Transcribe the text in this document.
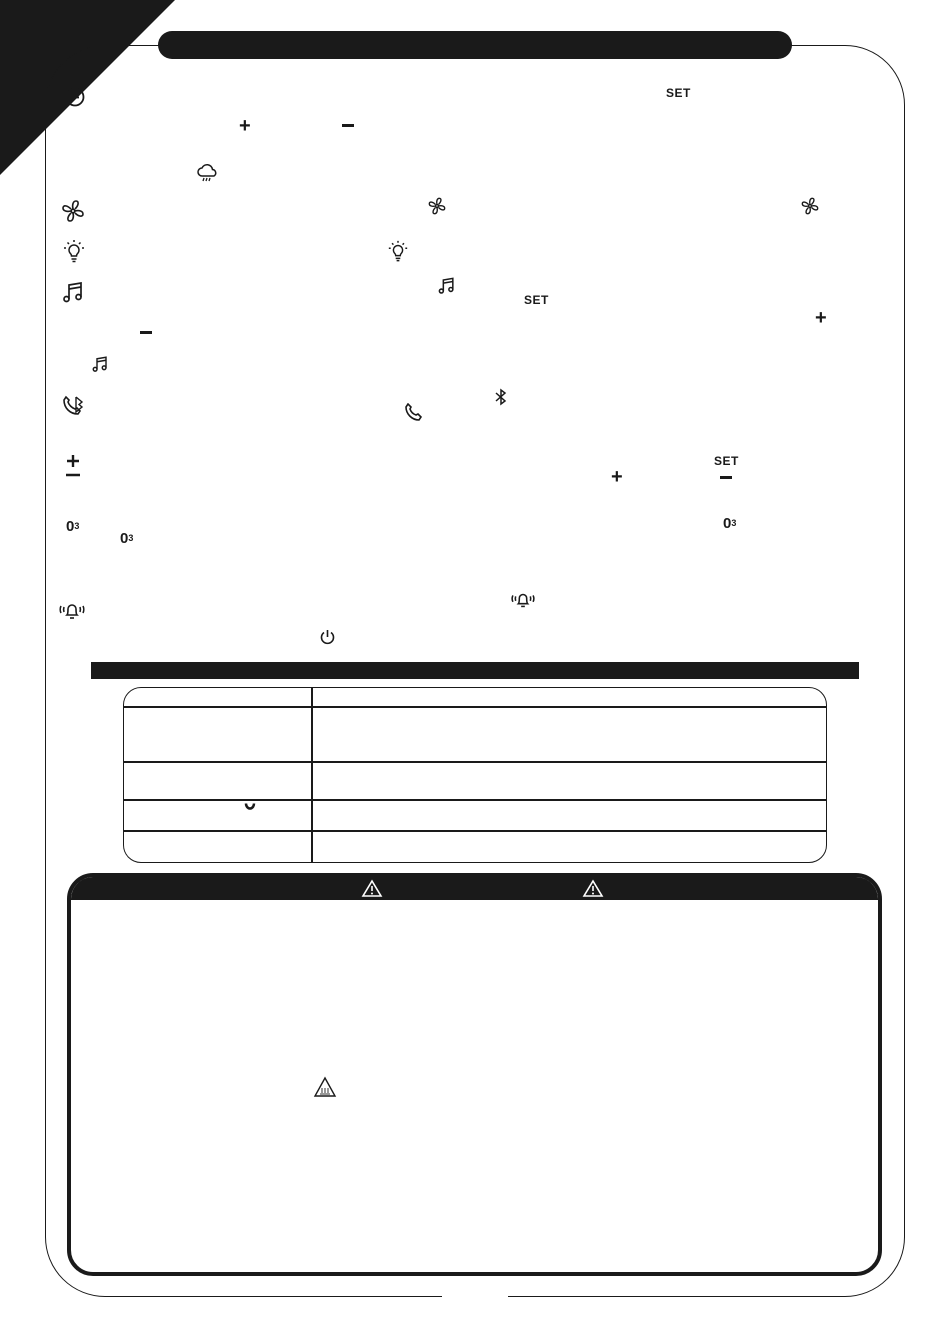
SET
+
SET
+
SET
+
0 3
0 3
0 3
